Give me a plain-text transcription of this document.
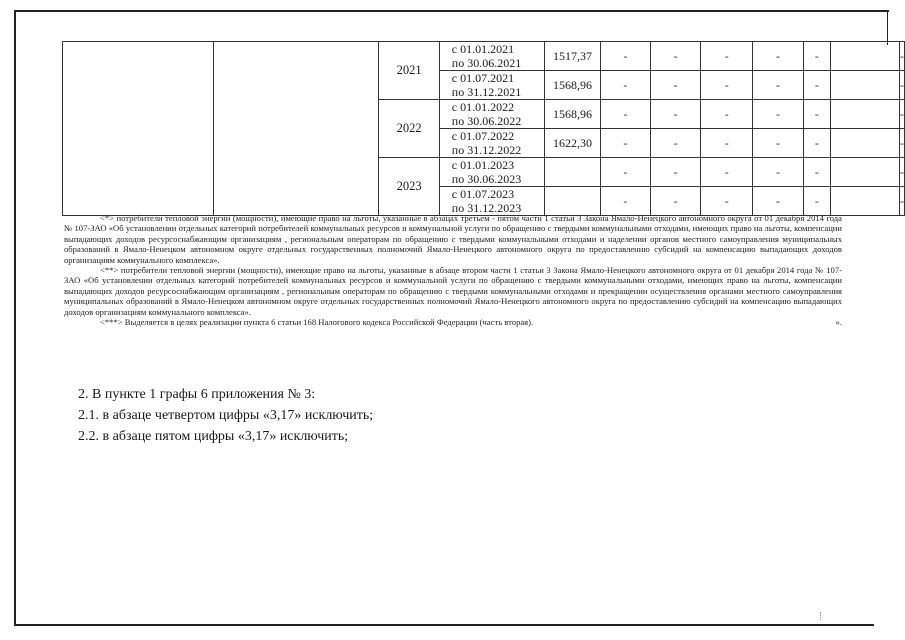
		2021	с 01.01.2021
по 30.06.2021	1517,37	-	-	-	-	-		-

			с 01.07.2021
по 31.12.2021	1568,96	-	-	-	-	-		-
		2022	с 01.01.2022
по 30.06.2022	1568,96	-	-	-	-	-		-

			с 01.07.2022
по 31.12.2022	1622,30	-	-	-	-	-		-
		2023	с 01.01.2023
по 30.06.2023		-	-	-	-	-		-

			с 01.07.2023
по 31.12.2023		-	-	-	-	-		-

<*> потребители тепловой энергии (мощности), имеющие право на льготы, указанные в абзацах третьем - пятом части 1 статьи 3 Закона Ямало-Ненецкого автономного округа от 01 декабря 2014 года № 107-ЗАО «Об установлении отдельных категорий потребителей коммунальных ресурсов и коммунальной услуги по обращению с твердыми коммунальными отходами, имеющих право на льготы, компенсации выпадающих доходов ресурсоснабжающим организациям , региональным операторам по обращению с твердыми коммунальными отходами и наделении органов местного самоуправления муниципальных образований в Ямало-Ненецком автономном округе отдельных государственных полномочий Ямало-Ненецкого автономного округа по предоставлению субсидий на компенсацию выпадающих доходов организациям коммунального комплекса».

<**> потребители тепловой энергии (мощности), имеющие право на льготы, указанные в абзаце втором части 1 статьи 3 Закона Ямало-Ненецкого автономного округа от 01 декабря 2014 года № 107-ЗАО «Об установлении отдельных категорий потребителей коммунальных ресурсов и коммунальной услуги по обращению с твердыми коммунальными отходами, имеющих право на льготы, компенсации выпадающих доходов ресурсоснабжающим организациям , региональным операторам по обращению с твердыми коммунальными отходами и прекращении осуществления органами местного самоуправления муниципальных образований в Ямало-Ненецком автономном округе отдельных государственных полномочий Ямало-Ненецкого автономного округа по предоставлению субсидий на компенсацию выпадающих доходов организациям коммунального комплекса».

<***> Выделяется в целях реализации пункта 6 статьи 168 Налогового кодекса Российской Федерации (часть вторая).	».

2. В пункте 1 графы 6 приложения № 3:
2.1. в абзаце четвертом цифры «3,17» исключить;
2.2. в абзаце пятом цифры «3,17» исключить;
